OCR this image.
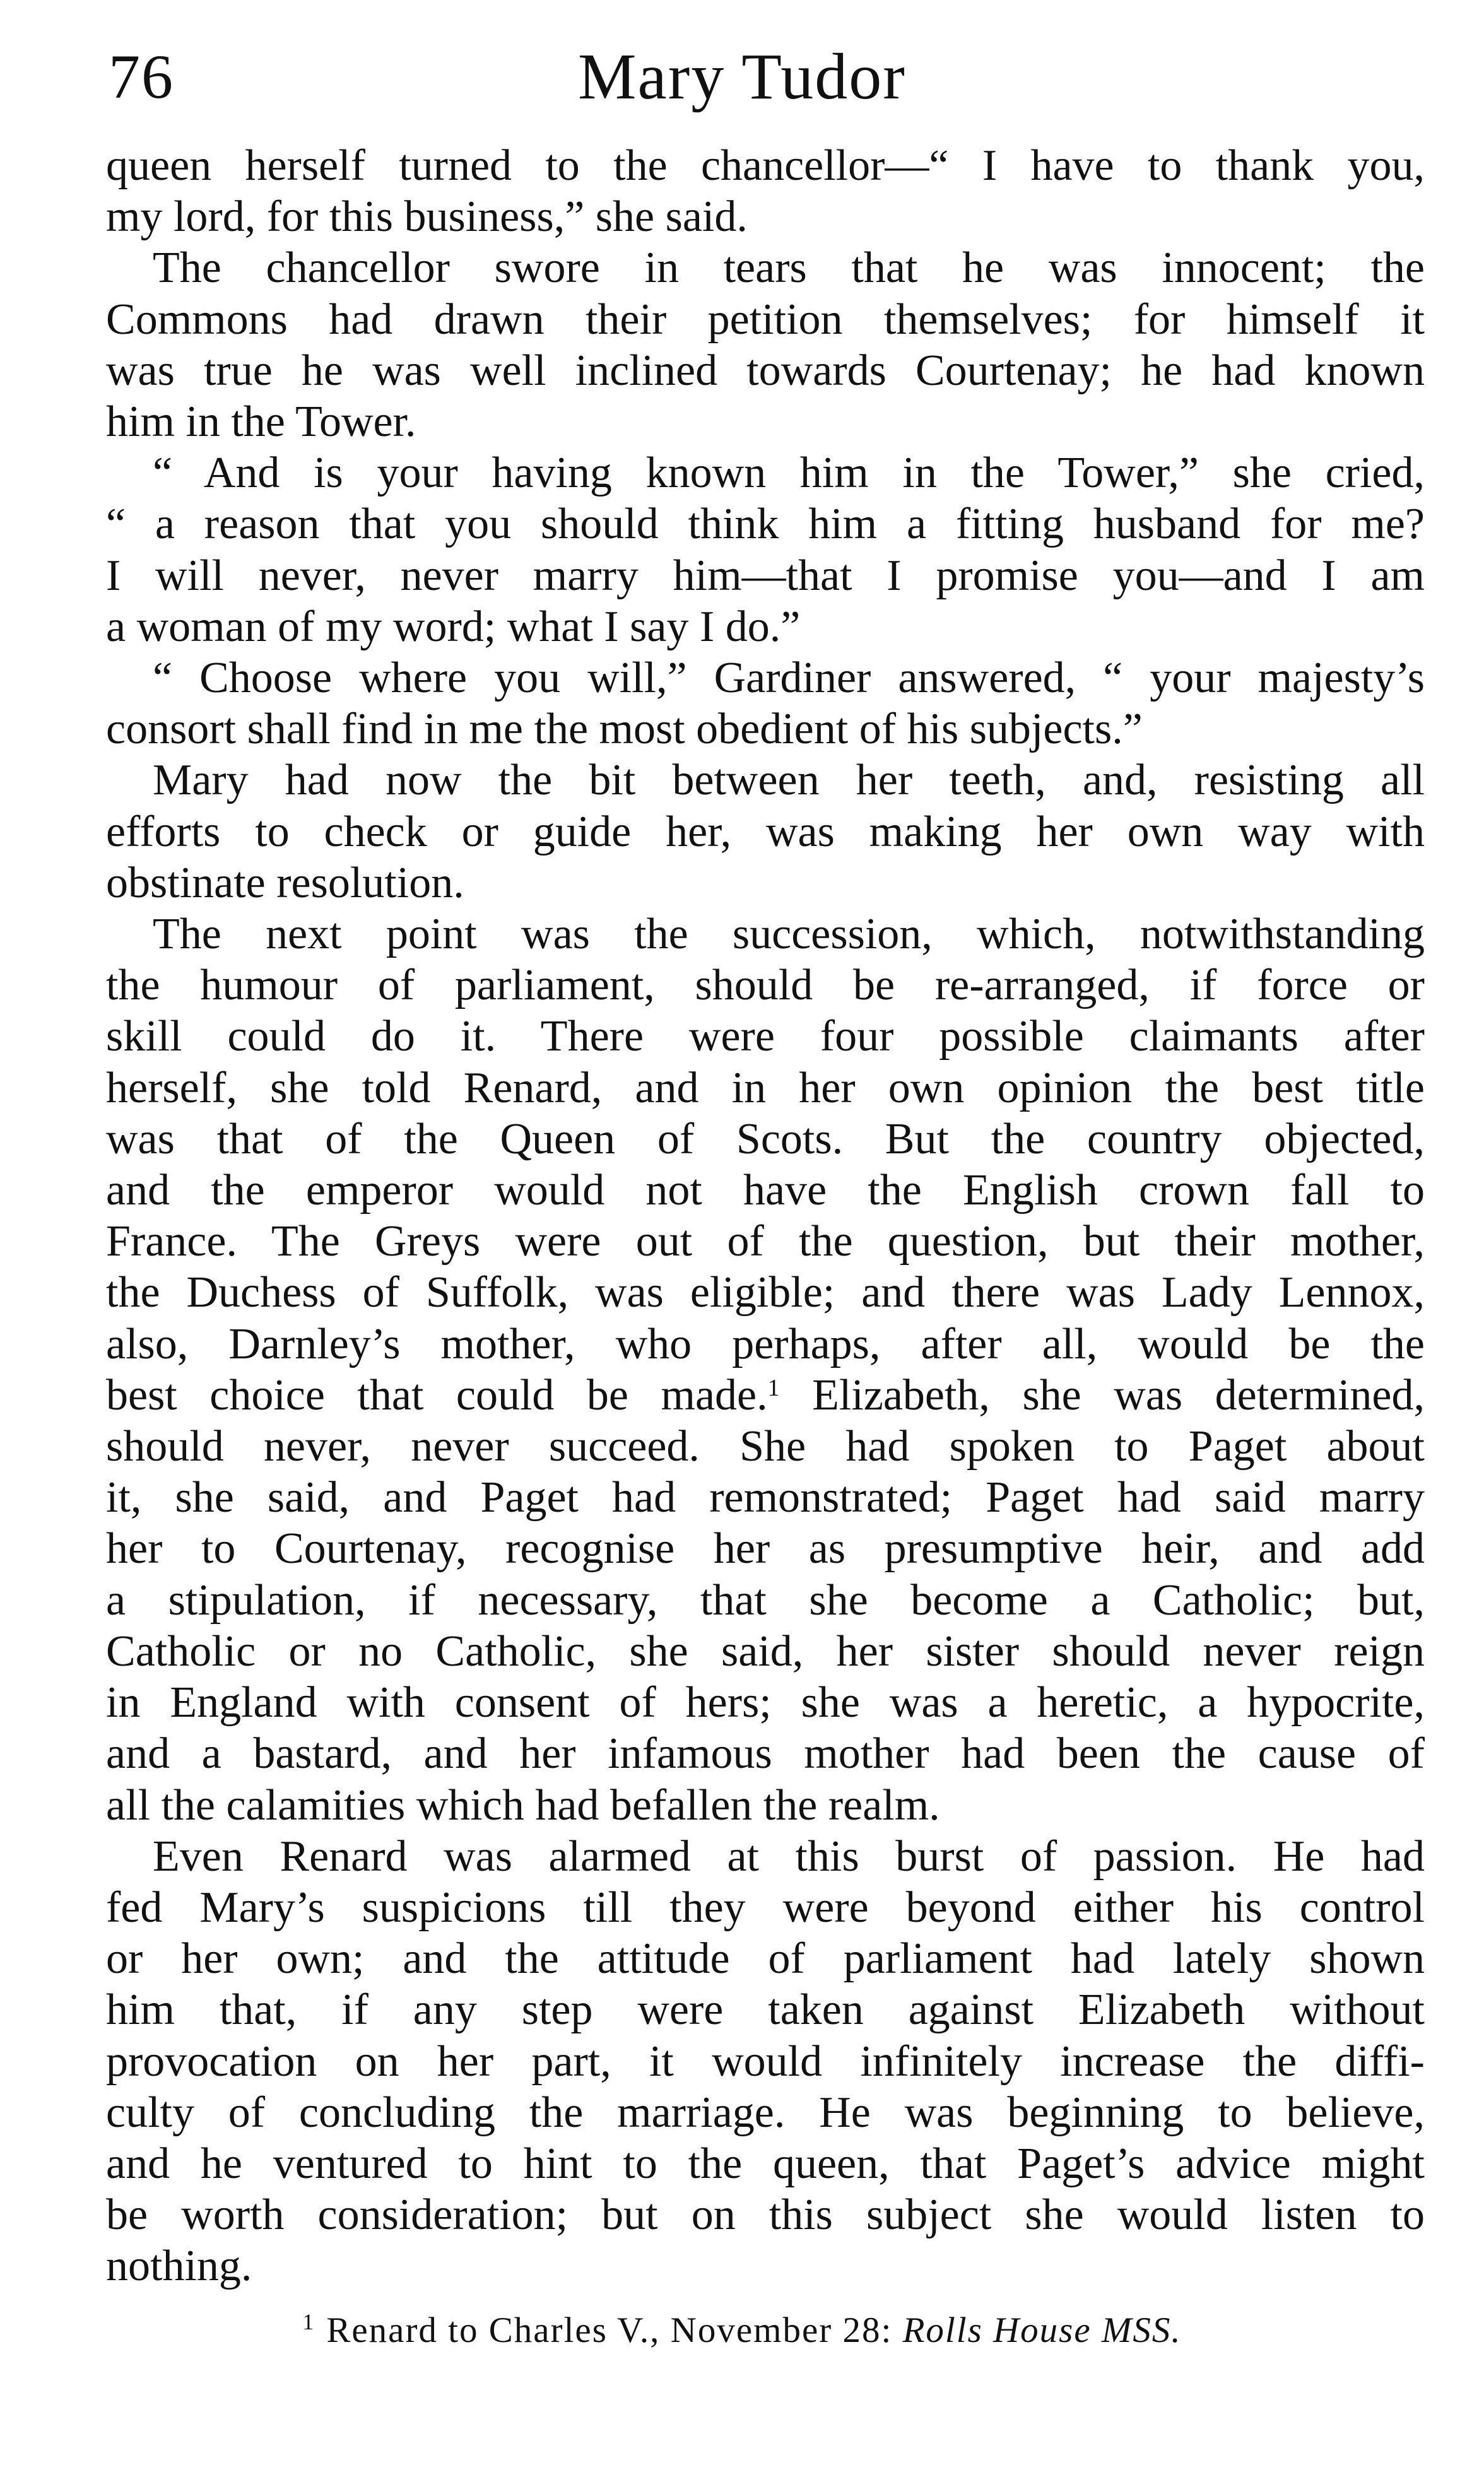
76	Mary Tudor

queen herself turned to the chancellor—“ I have to thank you,
my lord, for this business,” she said.

The chancellor swore in tears that he was innocent; the
Commons had drawn their petition themselves; for himself it
was true he was well inclined towards Courtenay; he had known
him in the Tower.

“ And is your having known him in the Tower,” she cried,
“ a reason that you should think him a fitting husband for me?
I will never, never marry him—that I promise you—and I am
a woman of my word; what I say I do.”

“ Choose where you will,” Gardiner answered, “ your majesty’s
consort shall find in me the most obedient of his subjects.”

Mary had now the bit between her teeth, and, resisting all
efforts to check or guide her, was making her own way with
obstinate resolution.

The next point was the succession, which, notwithstanding
the humour of parliament, should be re-arranged, if force or
skill could do it. There were four possible claimants after
herself, she told Renard, and in her own opinion the best title
was that of the Queen of Scots. But the country objected,
and the emperor would not have the English crown fall to
France. The Greys were out of the question, but their mother,
the Duchess of Suffolk, was eligible; and there was Lady Lennox,
also, Darnley’s mother, who perhaps, after all, would be the
best choice that could be made.$^1$ Elizabeth, she was determined,
should never, never succeed. She had spoken to Paget about
it, she said, and Paget had remonstrated; Paget had said marry
her to Courtenay, recognise her as presumptive heir, and add
a stipulation, if necessary, that she become a Catholic; but,
Catholic or no Catholic, she said, her sister should never reign
in England with consent of hers; she was a heretic, a hypocrite,
and a bastard, and her infamous mother had been the cause of
all the calamities which had befallen the realm.

Even Renard was alarmed at this burst of passion. He had
fed Mary’s suspicions till they were beyond either his control
or her own; and the attitude of parliament had lately shown
him that, if any step were taken against Elizabeth without
provocation on her part, it would infinitely increase the diffi-
culty of concluding the marriage. He was beginning to believe,
and he ventured to hint to the queen, that Paget’s advice might
be worth consideration; but on this subject she would listen to
nothing.

$^1$ Renard to Charles V., November 28: Rolls House MSS.
